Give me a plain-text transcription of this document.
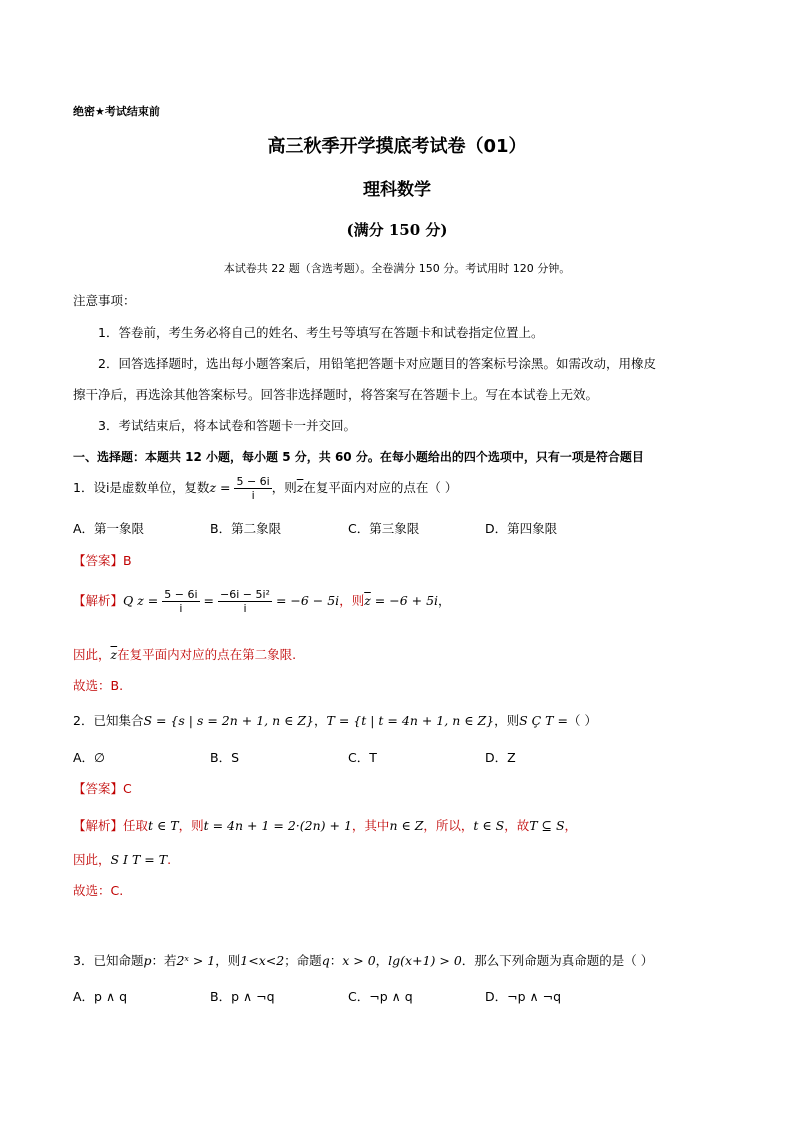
绝密★考试结束前
高三秋季开学摸底考试卷（01）
理科数学
(满分 150 分)
本试卷共 22 题（含选考题）。全卷满分 150 分。考试用时 120 分钟。
注意事项：
1．答卷前，考生务必将自己的姓名、考生号等填写在答题卡和试卷指定位置上。
2．回答选择题时，选出每小题答案后，用铅笔把答题卡对应题目的答案标号涂黑。如需改动，用橡皮
擦干净后，再选涂其他答案标号。回答非选择题时，将答案写在答题卡上。写在本试卷上无效。
3．考试结束后，将本试卷和答题卡一并交回。
一、选择题：本题共 12 小题，每小题 5 分，共 60 分。在每小题给出的四个选项中，只有一项是符合题目
1．设i是虚数单位，复数$z = \frac{5 - 6i}{i}$ ，则$\overline{z}$在复平面内对应的点在（ ）
A．第一象限	B．第二象限	C．第三象限	D．第四象限
【答案】B
【解析】Q $z = \frac{5 - 6i}{i} = \frac{\text{−6i − 5i²}}{i} = -6 - 5i$，则$\overline{z} = -6 + 5i$，
因此，$\overline{z}$在复平面内对应的点在第二象限.
故选：B.
2．已知集合S = {s | s = 2n + 1, n ∈ Z}，T = {t | t = 4n + 1, n ∈ Z}，则S Ç T =（ ）
A．∅	B．S	C．T	D．Z
【答案】C
【解析】任取t ∈ T，则t = 4n + 1 = 2·(2n) + 1，其中n ∈ Z，所以，t ∈ S，故T ⊆ S，
因此，S I T = T.
故选：C.
3．已知命题p：若2ˣ > 1，则1<x<2；命题q：x > 0，lg(x+1) > 0．那么下列命题为真命题的是（ ）
A．p ∧ q	B．p ∧ ¬q	C．¬p ∧ q	D．¬p ∧ ¬q
